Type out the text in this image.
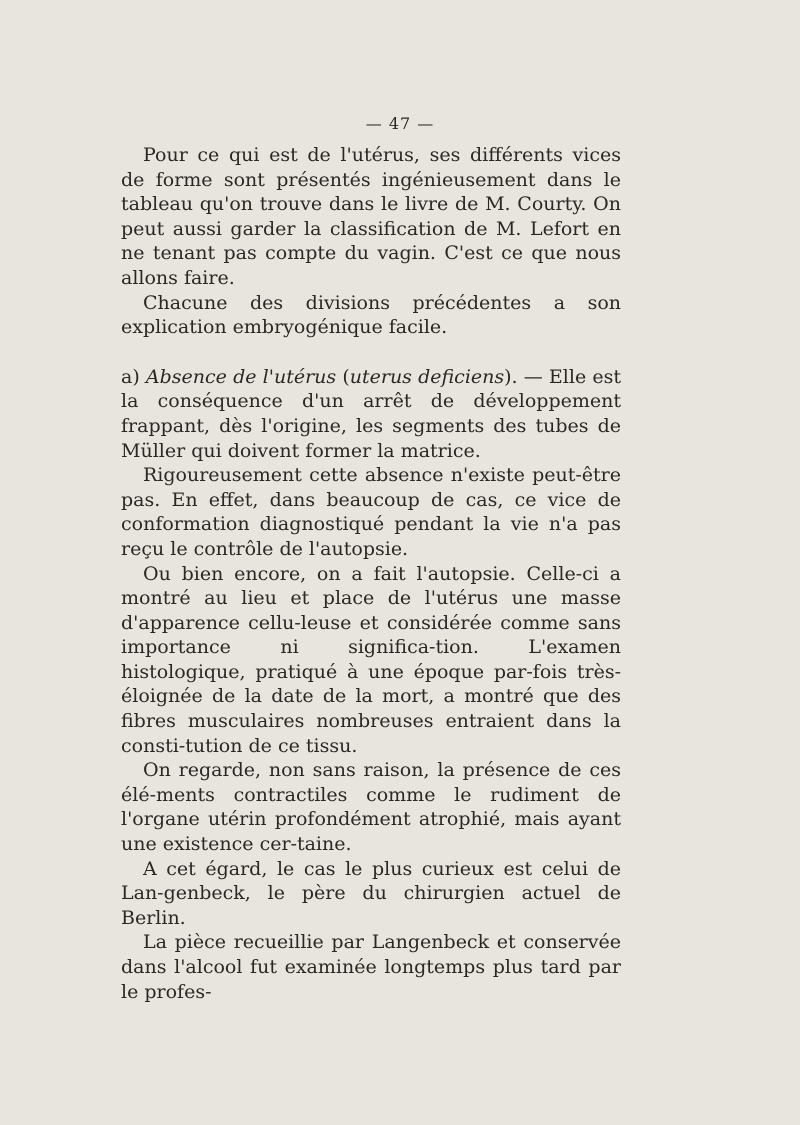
— 47 —

Pour ce qui est de l'utérus, ses différents vices de forme sont présentés ingénieusement dans le tableau qu'on trouve dans le livre de M. Courty. On peut aussi garder la classification de M. Lefort en ne tenant pas compte du vagin. C'est ce que nous allons faire.

Chacune des divisions précédentes a son explication embryogénique facile.

a) Absence de l'utérus (uterus deficiens). — Elle est la conséquence d'un arrêt de développement frappant, dès l'origine, les segments des tubes de Müller qui doivent former la matrice.

Rigoureusement cette absence n'existe peut-être pas. En effet, dans beaucoup de cas, ce vice de conformation diagnostiqué pendant la vie n'a pas reçu le contrôle de l'autopsie.

Ou bien encore, on a fait l'autopsie. Celle-ci a montré au lieu et place de l'utérus une masse d'apparence cellu-leuse et considérée comme sans importance ni significa-tion. L'examen histologique, pratiqué à une époque par-fois très-éloignée de la date de la mort, a montré que des fibres musculaires nombreuses entraient dans la consti-tution de ce tissu.

On regarde, non sans raison, la présence de ces élé-ments contractiles comme le rudiment de l'organe utérin profondément atrophié, mais ayant une existence cer-taine.

A cet égard, le cas le plus curieux est celui de Lan-genbeck, le père du chirurgien actuel de Berlin.

La pièce recueillie par Langenbeck et conservée dans l'alcool fut examinée longtemps plus tard par le profes-
